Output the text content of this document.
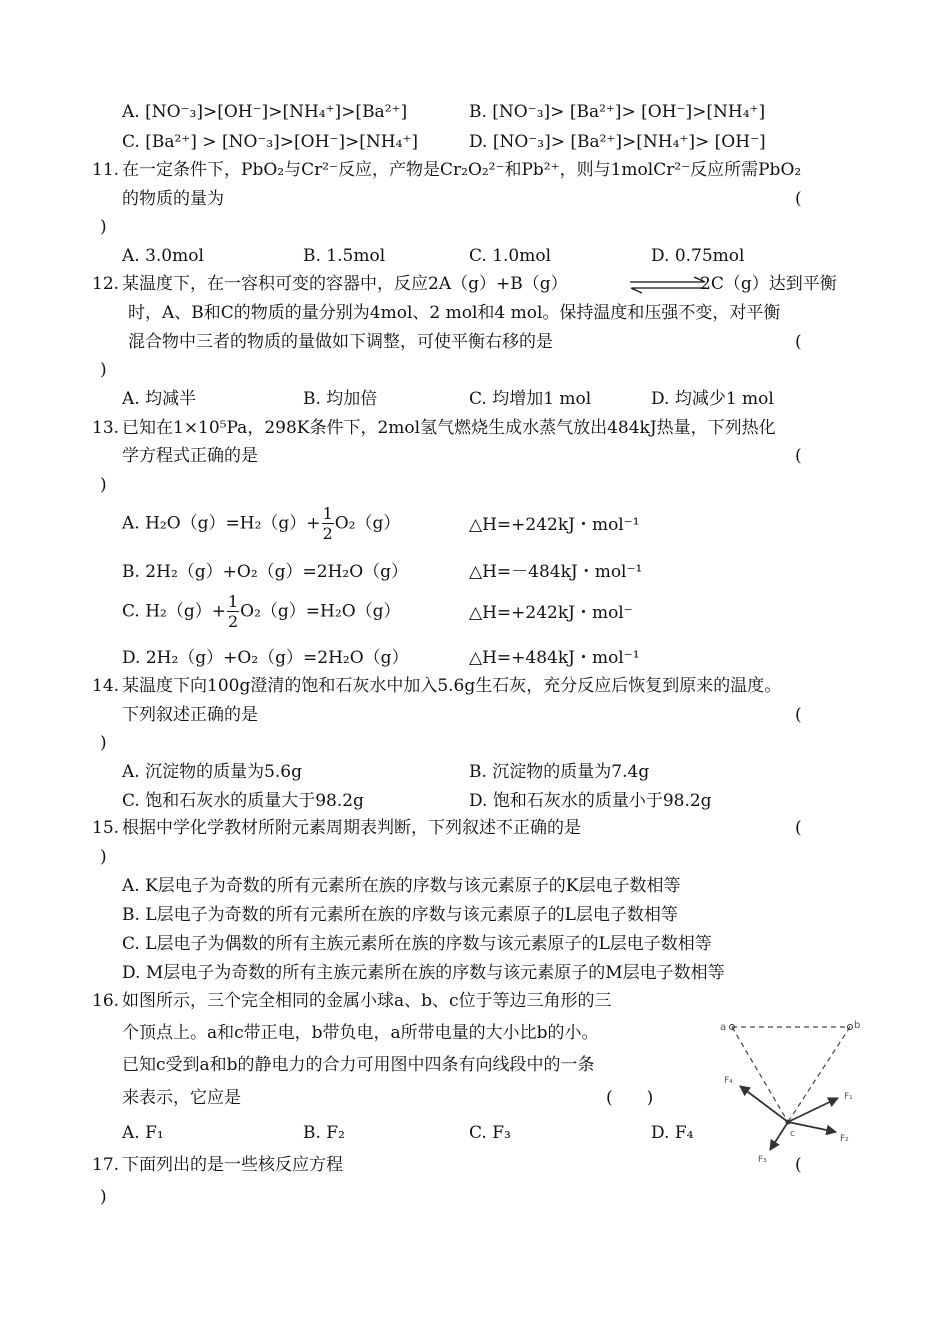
A. [NO⁻₃]>[OH⁻]>[NH₄⁺]>[Ba²⁺]	B. [NO⁻₃]> [Ba²⁺]> [OH⁻]>[NH₄⁺]
C. [Ba²⁺] > [NO⁻₃]>[OH⁻]>[NH₄⁺]	D. [NO⁻₃]> [Ba²⁺]>[NH₄⁺]> [OH⁻]
11. 在一定条件下，PbO₂与Cr²⁻反应，产物是Cr₂O₂²⁻和Pb²⁺，则与1molCr²⁻反应所需PbO₂
的物质的量为	(
)
A. 3.0mol	B. 1.5mol	C. 1.0mol	D. 0.75mol
12. 某温度下，在一容积可变的容器中，反应2A（g）+B（g）	2C（g）达到平衡
时，A、B和C的物质的量分别为4mol、2 mol和4 mol。保持温度和压强不变，对平衡
混合物中三者的物质的量做如下调整，可使平衡右移的是	(
)
A. 均减半	B. 均加倍	C. 均增加1 mol	D. 均减少1 mol
13. 已知在1×10⁵Pa，298K条件下，2mol氢气燃烧生成水蒸气放出484kJ热量，下列热化
学方程式正确的是	(
)
A. $H_2O(g)=H_2(g)+ \frac{1}{2} O_2(g)$	△H=+242kJ・mol⁻¹
B. 2H₂（g）+O₂（g）=2H₂O（g）	△H=－484kJ・mol⁻¹
C. $H_2(g)+ \frac{1}{2} O_2(g)=H_2O(g)$	△H=+242kJ・mol⁻
D. 2H₂（g）+O₂（g）=2H₂O（g）	△H=+484kJ・mol⁻¹
14. 某温度下向100g澄清的饱和石灰水中加入5.6g生石灰，充分反应后恢复到原来的温度。
下列叙述正确的是	(
)
A. 沉淀物的质量为5.6g	B. 沉淀物的质量为7.4g
C. 饱和石灰水的质量大于98.2g	D. 饱和石灰水的质量小于98.2g
15. 根据中学化学教材所附元素周期表判断，下列叙述不正确的是	(
)
A. K层电子为奇数的所有元素所在族的序数与该元素原子的K层电子数相等
B. L层电子为奇数的所有元素所在族的序数与该元素原子的L层电子数相等
C. L层电子为偶数的所有主族元素所在族的序数与该元素原子的L层电子数相等
D. M层电子为奇数的所有主族元素所在族的序数与该元素原子的M层电子数相等
16. 如图所示，三个完全相同的金属小球a、b、c位于等边三角形的三
个顶点上。a和c带正电，b带负电，a所带电量的大小比b的小。
已知c受到a和b的静电力的合力可用图中四条有向线段中的一条
来表示，它应是	(　　)
A. F₁	B. F₂	C. F₃	D. F₄
a	b
c
F₄
F₁
F₂
F₃
17. 下面列出的是一些核反应方程	(
)
